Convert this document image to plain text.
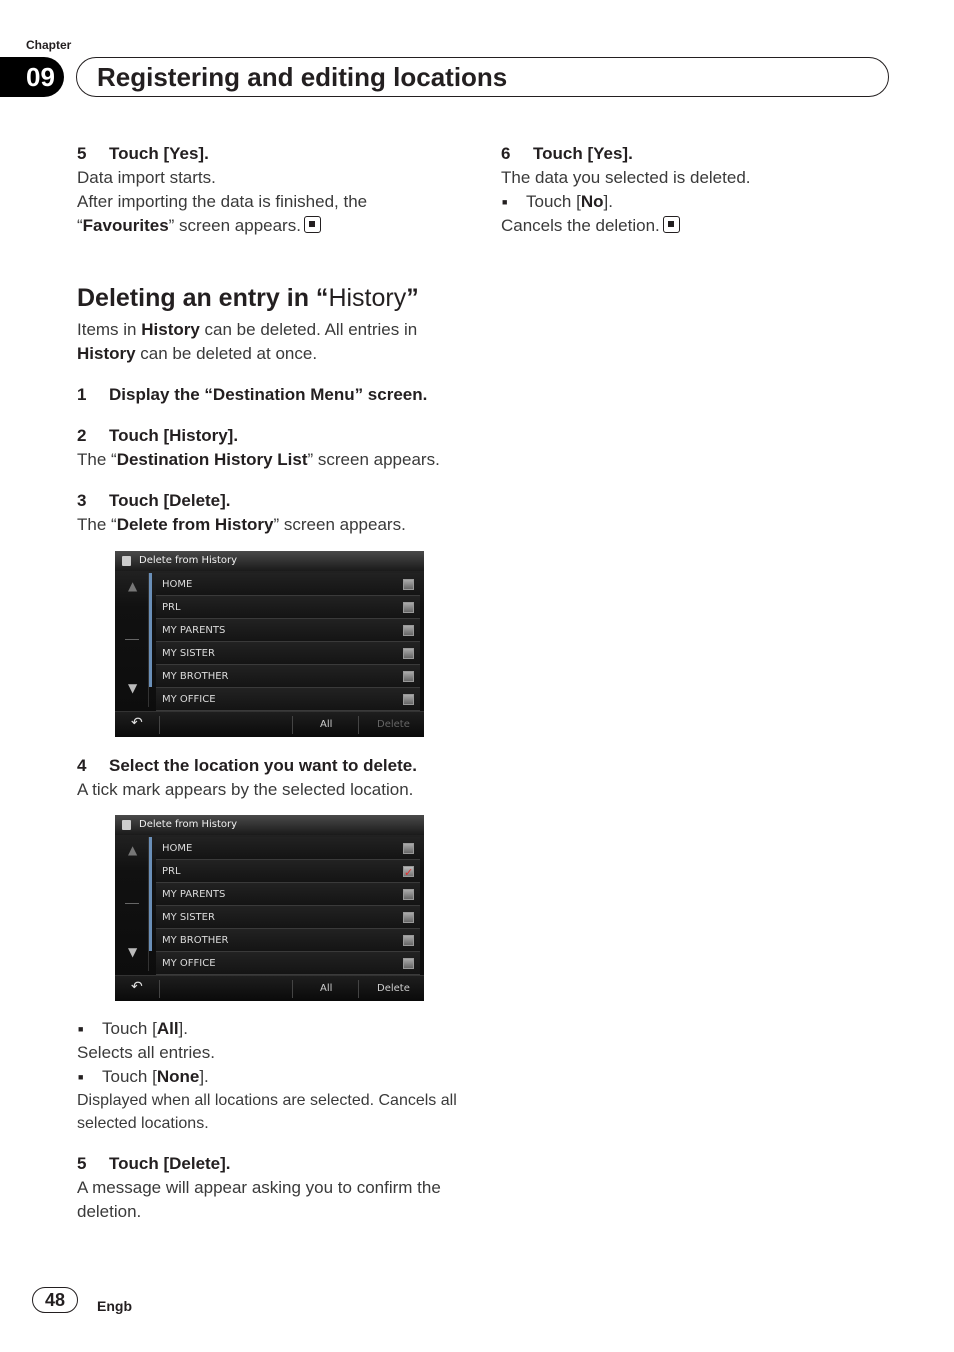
Chapter
09	Registering and editing locations
5	Touch [Yes].
Data import starts.
After importing the data is finished, the “Favourites” screen appears.
Deleting an entry in “History”
Items in History can be deleted. All entries in History can be deleted at once.
1	Display the “Destination Menu” screen.
2	Touch [History].
The “Destination History List” screen appears.
3	Touch [Delete].
The “Delete from History” screen appears.
Delete from History
▲
▼
HOME
PRL
MY PARENTS
MY SISTER
MY BROTHER
MY OFFICE
↶	All	Delete
4	Select the location you want to delete.
A tick mark appears by the selected location.
Delete from History
▲
▼
HOME
PRL
✓
MY PARENTS
MY SISTER
MY BROTHER
MY OFFICE
↶	All	Delete
■	Touch [All].
Selects all entries.
■	Touch [None].
Displayed when all locations are selected. Cancels all selected locations.
5	Touch [Delete].
A message will appear asking you to confirm the deletion.
6	Touch [Yes].
The data you selected is deleted.
■	Touch [No].
Cancels the deletion.
48	Engb
